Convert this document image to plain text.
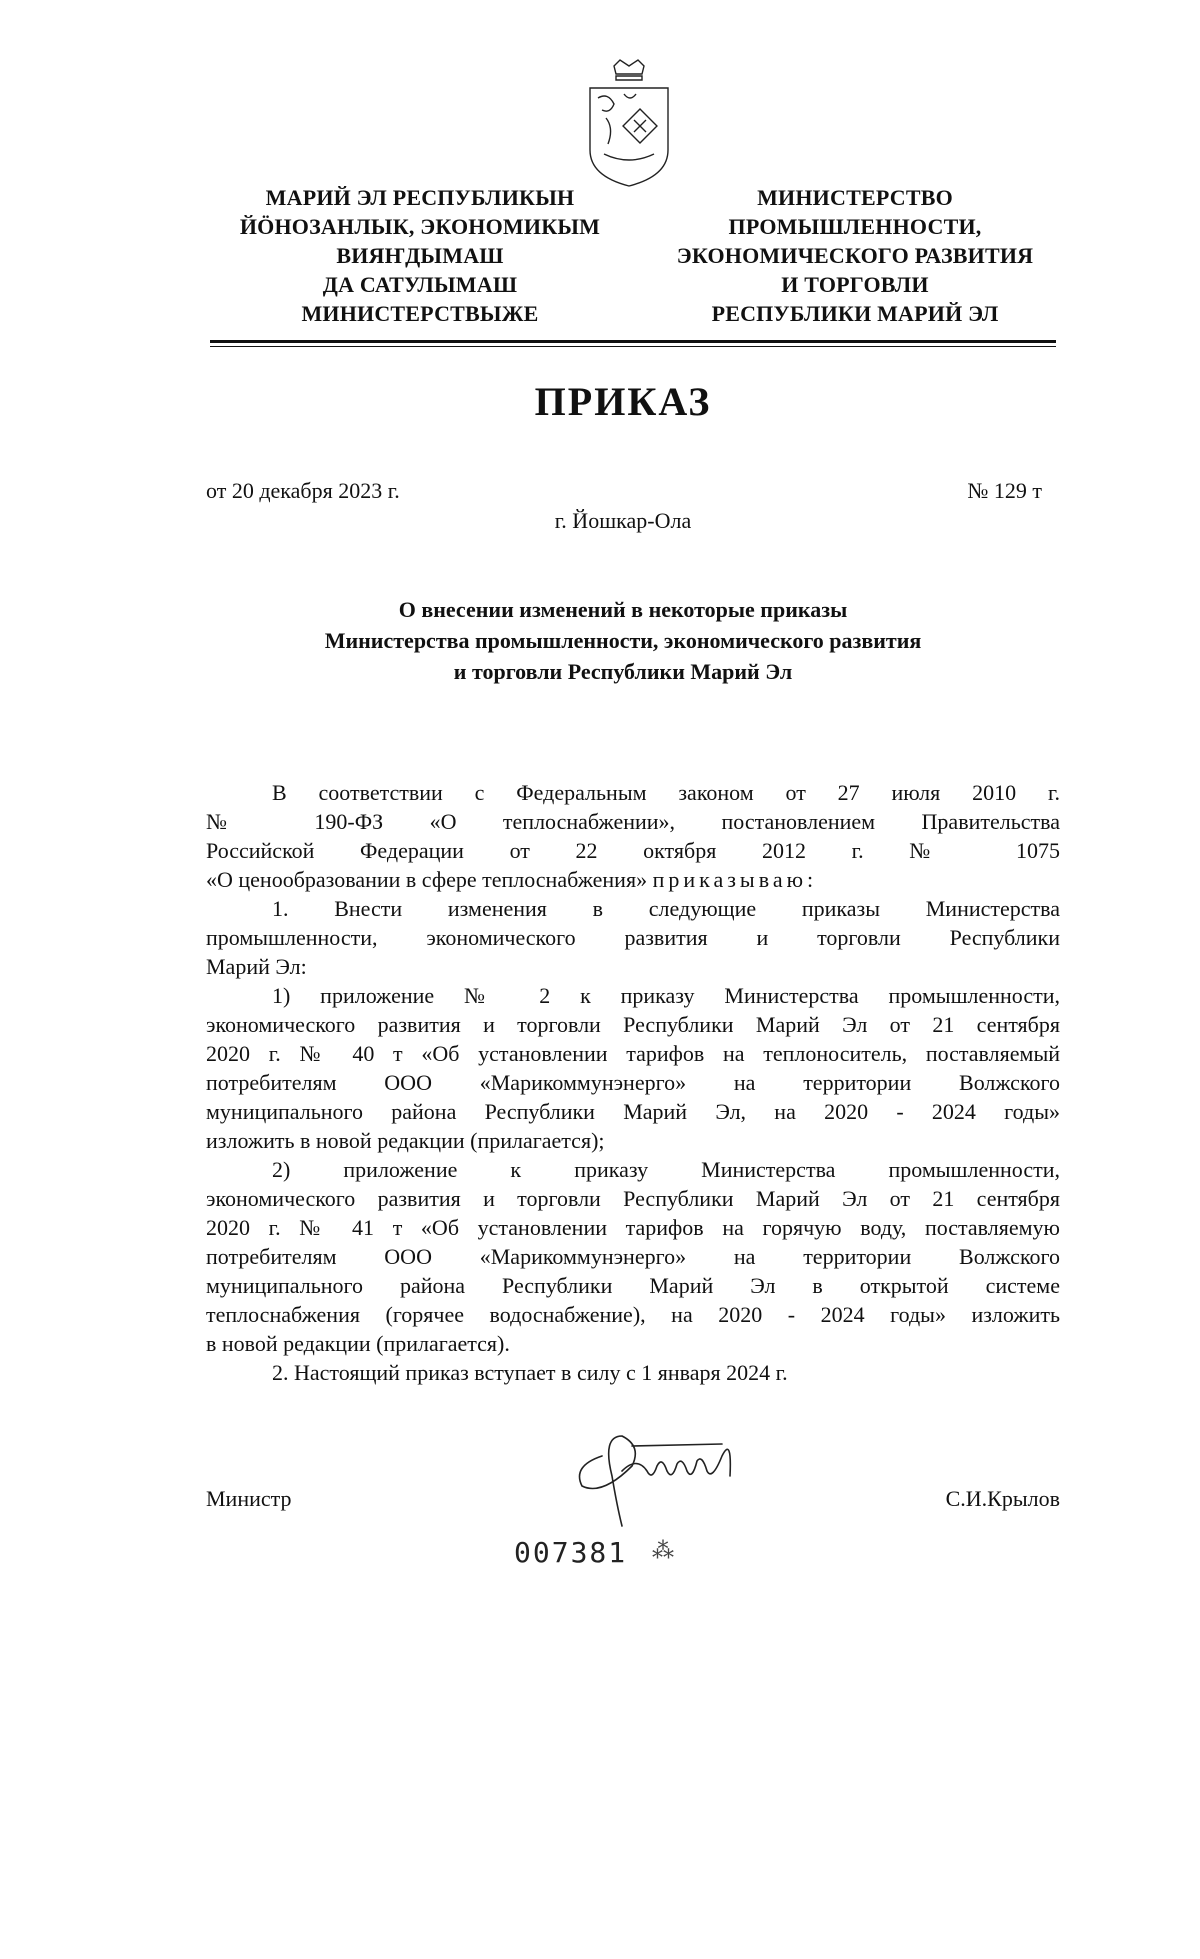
МАРИЙ ЭЛ РЕСПУБЛИКЫН
ЙÖНОЗАНЛЫК, ЭКОНОМИКЫМ
ВИЯҤДЫМАШ
ДА САТУЛЫМАШ
МИНИСТЕРСТВЫЖЕ
МИНИСТЕРСТВО
ПРОМЫШЛЕННОСТИ,
ЭКОНОМИЧЕСКОГО РАЗВИТИЯ
И ТОРГОВЛИ
РЕСПУБЛИКИ МАРИЙ ЭЛ
ПРИКАЗ
от 20 декабря 2023 г.	№ 129 т
г. Йошкар-Ола
О внесении изменений в некоторые приказы
Министерства промышленности, экономического развития
и торговли Республики Марий Эл
В соответствии с Федеральным законом от 27 июля 2010 г.
№ 190-ФЗ «О теплоснабжении», постановлением Правительства
Российской Федерации от 22 октября 2012 г. № 1075
«О ценообразовании в сфере теплоснабжения» приказываю:
1. Внести изменения в следующие приказы Министерства
промышленности, экономического развития и торговли Республики
Марий Эл:
1) приложение № 2 к приказу Министерства промышленности,
экономического развития и торговли Республики Марий Эл от 21 сентября
2020 г. № 40 т «Об установлении тарифов на теплоноситель, поставляемый
потребителям ООО «Марикоммунэнерго» на территории Волжского
муниципального района Республики Марий Эл, на 2020 - 2024 годы»
изложить в новой редакции (прилагается);
2) приложение к приказу Министерства промышленности,
экономического развития и торговли Республики Марий Эл от 21 сентября
2020 г. № 41 т «Об установлении тарифов на горячую воду, поставляемую
потребителям ООО «Марикоммунэнерго» на территории Волжского
муниципального района Республики Марий Эл в открытой системе
теплоснабжения (горячее водоснабжение), на 2020 - 2024 годы» изложить
в новой редакции (прилагается).
2. Настоящий приказ вступает в силу с 1 января 2024 г.
Министр	С.И.Крылов
007381 ⁂
